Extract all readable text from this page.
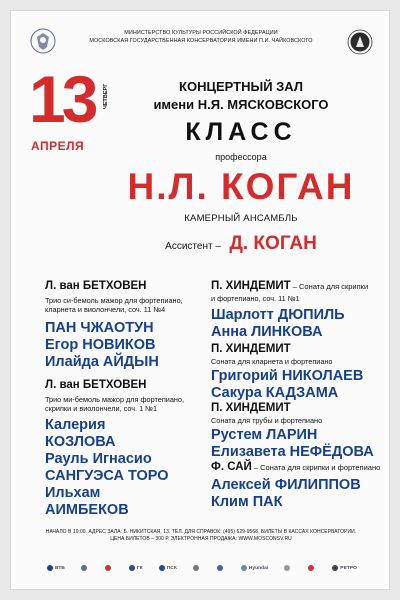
МИНИСТЕРСТВО КУЛЬТУРЫ РОССИЙСКОЙ ФЕДЕРАЦИИ
МОСКОВСКАЯ ГОСУДАРСТВЕННАЯ КОНСЕРВАТОРИЯ ИМЕНИ П.И. ЧАЙКОВСКОГО
13 ЧЕТВЕРГ
АПРЕЛЯ
КОНЦЕРТНЫЙ ЗАЛ
имени Н.Я. МЯСКОВСКОГО
КЛАСС
профессора
Н.Л. КОГАН
КАМЕРНЫЙ АНСАМБЛЬ
Ассистент – Д. КОГАН
Л. ван БЕТХОВЕН
Трио си-бемоль мажор для фортепиано,
кларнета и виолончели, соч. 11 №4
ПАН ЧЖАОТУН
Егор НОВИКОВ
Илайда АЙДЫН
Л. ван БЕТХОВЕН
Трио ми-бемоль мажор для фортепиано,
скрипки и виолончели, соч. 1 №1
Калерия
КОЗЛОВА
Рауль Игнасио
САНГУЭСА ТОРО
Ильхам
АИМБЕКОВ
П. ХИНДЕМИТ – Соната для скрипки
и фортепиано, соч. 11 №1
Шарлотт ДЮПИЛЬ
Анна ЛИНКОВА
П. ХИНДЕМИТ
Соната для кларнета и фортепиано
Григорий НИКОЛАЕВ
Сакура КАДЗАМА
П. ХИНДЕМИТ
Соната для трубы и фортепиано
Рустем ЛАРИН
Елизавета НЕФЁДОВА
Ф. САЙ – Соната для скрипки и фортепиано
Алексей ФИЛИППОВ
Клим ПАК
НАЧАЛО В 19:00. АДРЕС ЗАЛА: Б. НИКИТСКАЯ, 13. ТЕЛ. ДЛЯ СПРАВОК: (495) 629-9568. БИЛЕТЫ В КАССАХ КОНСЕРВАТОРИИ.
ЦЕНА БИЛЕТОВ – 300 Р. ЭЛЕКТРОННАЯ ПРОДАЖА: WWW.MOSCONSV.RU
ВТБ	ГК	ПСК	Hyundai	РЕТРО
